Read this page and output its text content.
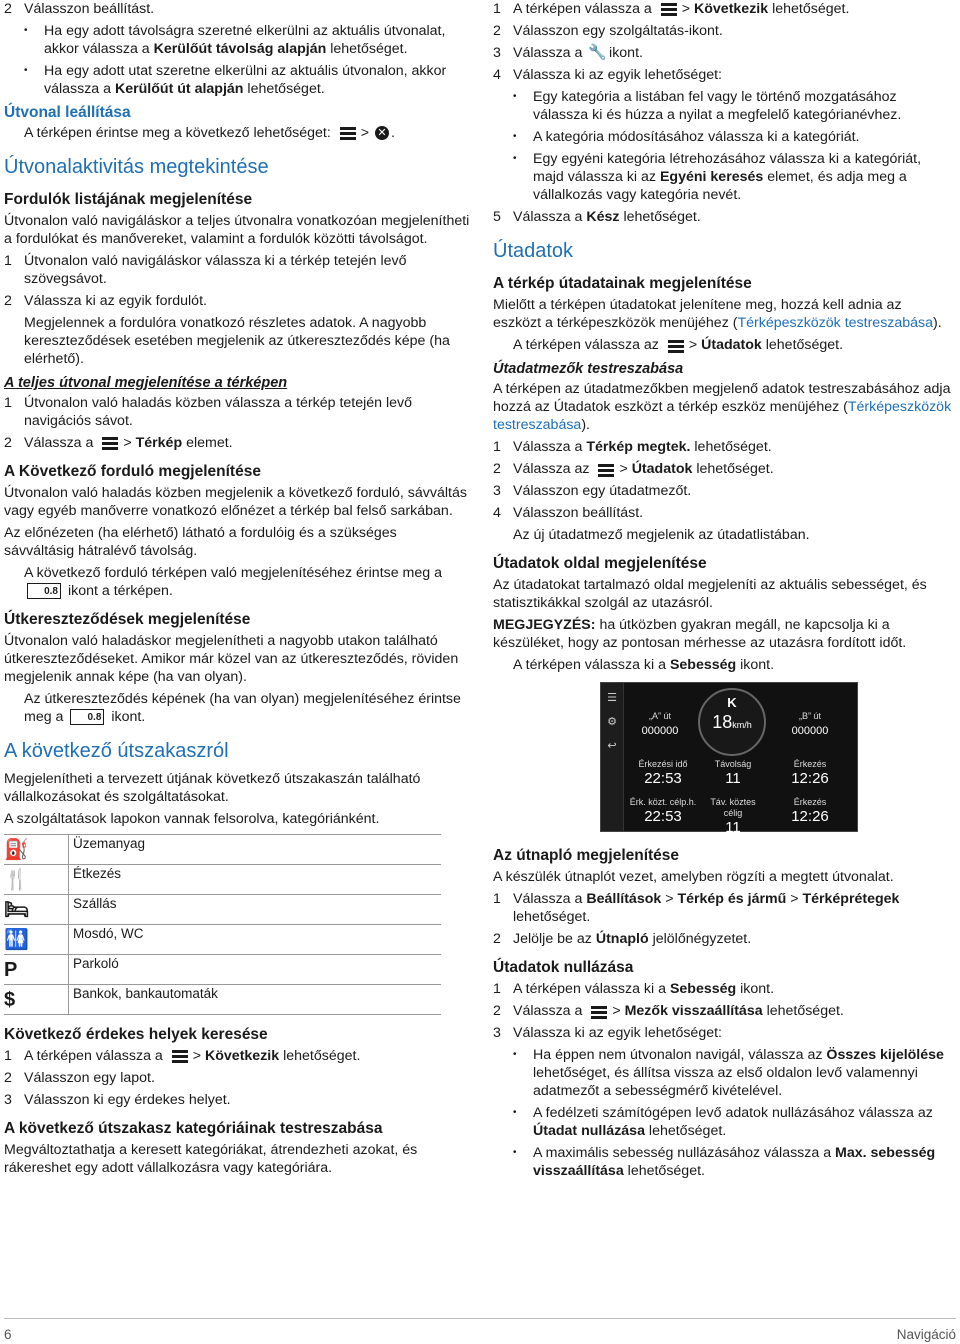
2 Válasszon beállítást.
•	Ha egy adott távolságra szeretné elkerülni az aktuális útvonalat, akkor válassza a Kerülőút távolság alapján lehetőséget.
•	Ha egy adott utat szeretne elkerülni az aktuális útvonalon, akkor válassza a Kerülőút út alapján lehetőséget.
Útvonal leállítása

A térképen érintse meg a következő lehetőséget: > ✕ .

Útvonalaktivitás megtekintése
Fordulók listájának megjelenítése

Útvonalon való navigáláskor a teljes útvonalra vonatkozóan megjelenítheti a fordulókat és manővereket, valamint a fordulók közötti távolságot.

1 Útvonalon való navigáláskor válassza ki a térkép tetején levő szövegsávot.
2 Válassza ki az egyik fordulót.

Megjelennek a fordulóra vonatkozó részletes adatok. A nagyobb kereszteződések esetében megjelenik az útkereszteződés képe (ha elérhető).

A teljes útvonal megjelenítése a térképen
1 Útvonalon való haladás közben válassza a térkép tetején levő navigációs sávot.
2 Válassza a > Térkép elemet.
A Következő forduló megjelenítése

Útvonalon való haladás közben megjelenik a következő forduló, sávváltás vagy egyéb manőverre vonatkozó előnézet a térkép bal felső sarkában.

Az előnézeten (ha elérhető) látható a fordulóig és a szükséges sávváltásig hátralévő távolság.

A következő forduló térképen való megjelenítéséhez érintse meg a 0.8 ikont a térképen.

Útkereszteződések megjelenítése

Útvonalon való haladáskor megjelenítheti a nagyobb utakon található útkereszteződéseket. Amikor már közel van az útkereszteződés, röviden megjelenik annak képe (ha van olyan).

Az útkereszteződés képének (ha van olyan) megjelenítéséhez érintse meg a 0.8 ikont.

A következő útszakaszról

Megjelenítheti a tervezett útjának következő útszakaszán található vállalkozásokat és szolgáltatásokat.

A szolgáltatások lapokon vannak felsorolva, kategóriánként.

⛽	Üzemanyag
🍴	Étkezés
🛏	Szállás
🚻	Mosdó, WC
P	Parkoló
$	Bankok, bankautomaták
Következő érdekes helyek keresése
1 A térképen válassza a > Következik lehetőséget.
2 Válasszon egy lapot.
3 Válasszon ki egy érdekes helyet.
A következő útszakasz kategóriáinak testreszabása

Megváltoztathatja a keresett kategóriákat, átrendezheti azokat, és rákereshet egy adott vállalkozásra vagy kategóriára.

1 A térképen válassza a > Következik lehetőséget.
2 Válasszon egy szolgáltatás-ikont.
3 Válassza a 🔧 ikont.
4 Válassza ki az egyik lehetőséget:
•	Egy kategória a listában fel vagy le történő mozgatásához válassza ki és húzza a nyilat a megfelelő kategórianévhez.
•	A kategória módosításához válassza ki a kategóriát.
•	Egy egyéni kategória létrehozásához válassza ki a kategóriát, majd válassza ki az Egyéni keresés elemet, és adja meg a vállalkozás vagy kategória nevét.
5 Válassza a Kész lehetőséget.
Útadatok
A térkép útadatainak megjelenítése

Mielőtt a térképen útadatokat jelenítene meg, hozzá kell adnia az eszközt a térképeszközök menüjéhez (Térképeszközök testreszabása).

A térképen válassza az > Útadatok lehetőséget.

Útadatmezők testreszabása

A térképen az útadatmezőkben megjelenő adatok testreszabásához adja hozzá az Útadatok eszközt a térkép eszköz menüjéhez (Térképeszközök testreszabása).

1 Válassza a Térkép megtek. lehetőséget.
2 Válassza az > Útadatok lehetőséget.
3 Válasszon egy útadatmezőt.
4 Válasszon beállítást.

Az új útadatmező megjelenik az útadatlistában.

Útadatok oldal megjelenítése

Az útadatokat tartalmazó oldal megjeleníti az aktuális sebességet, és statisztikákkal szolgál az utazásról.

MEGJEGYZÉS: ha útközben gyakran megáll, ne kapcsolja ki a készüléket, hogy az pontosan mérhesse az utazásra fordított időt.

A térképen válassza ki a Sebesség ikont.

☰
⚙
↩
„A” út
000000
K
18km/h
„B” út
000000
Érkezési idő
22:53
Távolság
11
Érkezés
12:26
Érk. közt. célp.h.
22:53
Táv. köztes célig
11
Érkezés
12:26
Az útnapló megjelenítése

A készülék útnaplót vezet, amelyben rögzíti a megtett útvonalat.

1 Válassza a Beállítások > Térkép és jármű > Térképrétegek lehetőséget.
2 Jelölje be az Útnapló jelölőnégyzetet.
Útadatok nullázása
1 A térképen válassza ki a Sebesség ikont.
2 Válassza a > Mezők visszaállítása lehetőséget.
3 Válassza ki az egyik lehetőséget:
•	Ha éppen nem útvonalon navigál, válassza az Összes kijelölése lehetőséget, és állítsa vissza az első oldalon levő valamennyi adatmezőt a sebességmérő kivételével.
•	A fedélzeti számítógépen levő adatok nullázásához válassza az Útadat nullázása lehetőséget.
•	A maximális sebesség nullázásához válassza a Max. sebesség visszaállítása lehetőséget.
6	Navigáció
